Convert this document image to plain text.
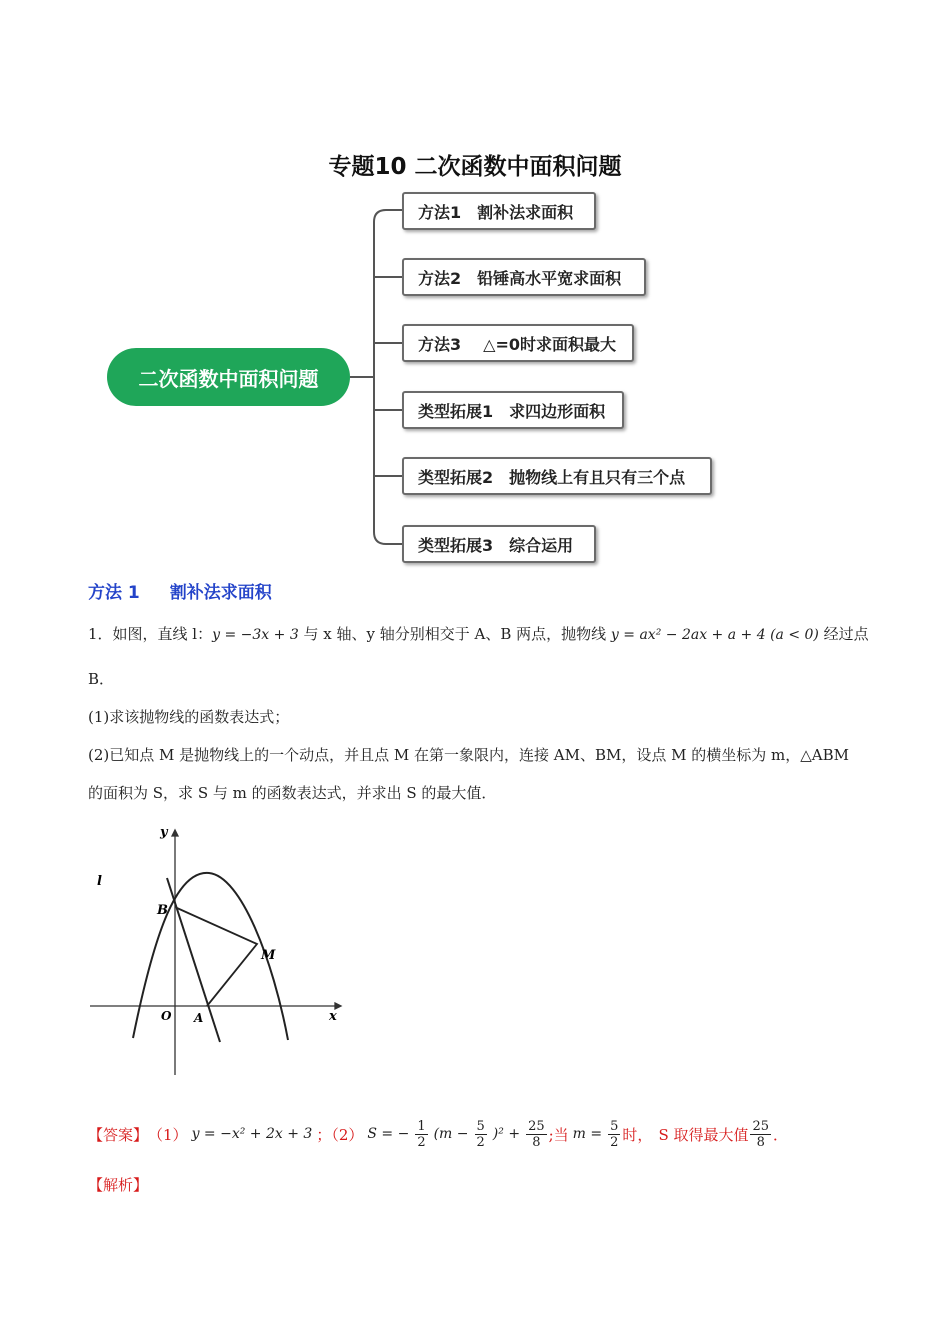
专题10 二次函数中面积问题
二次函数中面积问题
方法1 割补法求面积
方法2 铅锤高水平宽求面积
方法3 △=0时求面积最大
类型拓展1 求四边形面积
类型拓展2 抛物线上有且只有三个点
类型拓展3 综合运用
方法 1 割补法求面积
1．如图，直线 l：y = −3x + 3 与 x 轴、y 轴分别相交于 A、B 两点，抛物线 y = ax² − 2ax + a + 4 (a < 0) 经过点
B．
(1)求该抛物线的函数表达式；
(2)已知点 M 是抛物线上的一个动点，并且点 M 在第一象限内，连接 AM、BM，设点 M 的横坐标为 m，△ABM
的面积为 S，求 S 与 m 的函数表达式，并求出 S 的最大值．
l
B
M
O A	x
y
【答案】 （1） y = −x² + 2x + 3 ；（2） S = − $\frac{1}{2} (m - \frac{5}{2} )^2 + \frac{25}{8}$ ;当 $m = \frac{5}{2}$ 时， S 取得最大值 $\frac{25}{8}$ ．
【解析】
